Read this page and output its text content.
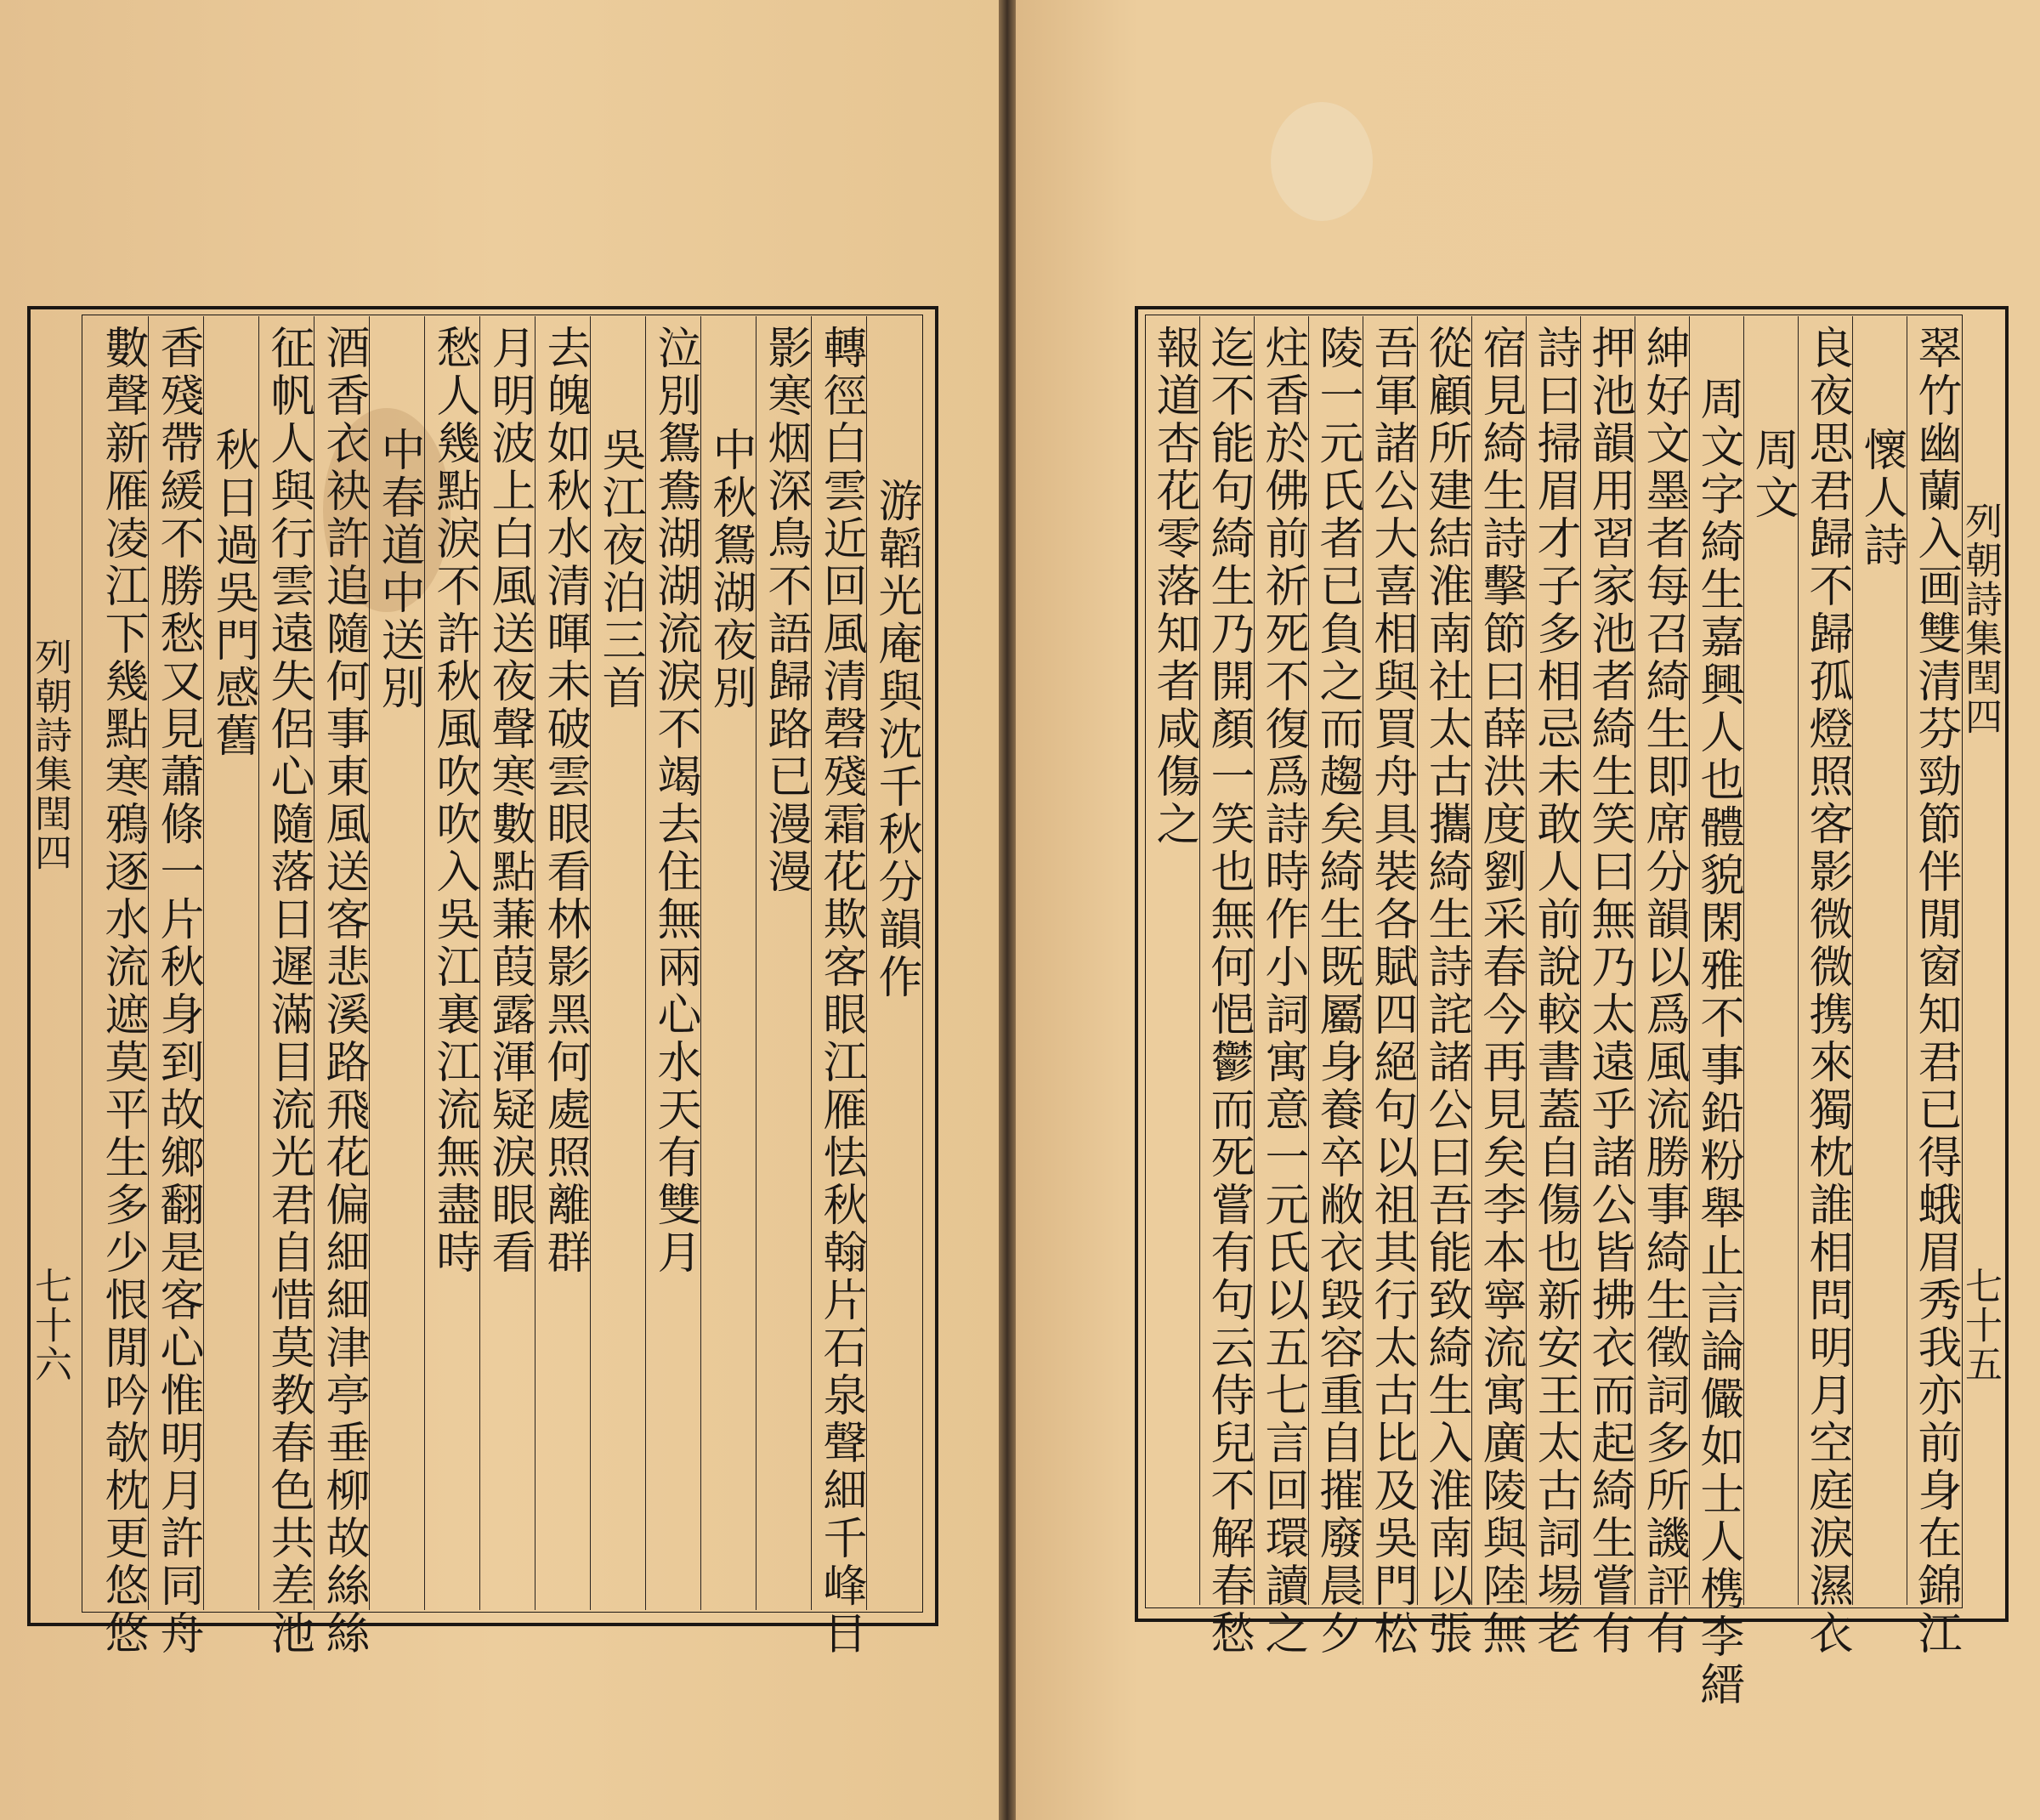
列朝詩集閏四
七十六
游韜光庵與沈千秋分韻作
轉徑白雲近回風清磬殘霜花欺客眼江雁怯秋翰片石泉聲細千峰日
影寒烟深鳥不語歸路已漫漫
中秋鴛湖夜別
泣別鴛鴦湖湖流淚不竭去住無兩心水天有雙月
吳江夜泊三首
去魄如秋水清暉未破雲眼看林影黑何處照離群
月明波上白風送夜聲寒數點蒹葭露渾疑淚眼看
愁人幾點淚不許秋風吹吹入吳江裏江流無盡時
中春道中送別
酒香衣袂許追隨何事東風送客悲溪路飛花偏細細津亭垂柳故絲絲
征帆人與行雲遠失侶心隨落日遲滿目流光君自惜莫教春色共差池
秋日過吳門感舊
香殘帶緩不勝愁又見蕭條一片秋身到故鄉翻是客心惟明月許同舟
數聲新雁凌江下幾點寒鴉逐水流遮莫平生多少恨閒吟欹枕更悠悠	列朝詩集閏四
七十五
翠竹幽蘭入画雙清芬勁節伴閒窗知君已得蛾眉秀我亦前身在錦江
懷人詩
良夜思君歸不歸孤燈照客影微微携來獨枕誰相問明月空庭淚濕衣
周文
周文字綺生嘉興人也體貌閑雅不事鉛粉舉止言論儼如士人槜李縉
紳好文墨者每召綺生即席分韻以爲風流勝事綺生徵詞多所譏評有
押池韻用習家池者綺生笑曰無乃太遠乎諸公皆拂衣而起綺生嘗有
詩曰掃眉才子多相忌未敢人前說較書蓋自傷也新安王太古詞場老
宿見綺生詩擊節曰薛洪度劉采春今再見矣李本寧流寓廣陵與陸無
從顧所建結淮南社太古攜綺生詩詫諸公曰吾能致綺生入淮南以張
吾軍諸公大喜相與買舟具裝各賦四絕句以祖其行太古比及吳門松
陵一元氏者已負之而趨矣綺生既屬身養卒敝衣毀容重自摧廢晨夕
炷香於佛前祈死不復爲詩時作小詞寓意一元氏以五七言回環讀之
迄不能句綺生乃開顏一笑也無何悒鬱而死嘗有句云侍兒不解春愁
報道杏花零落知者咸傷之
